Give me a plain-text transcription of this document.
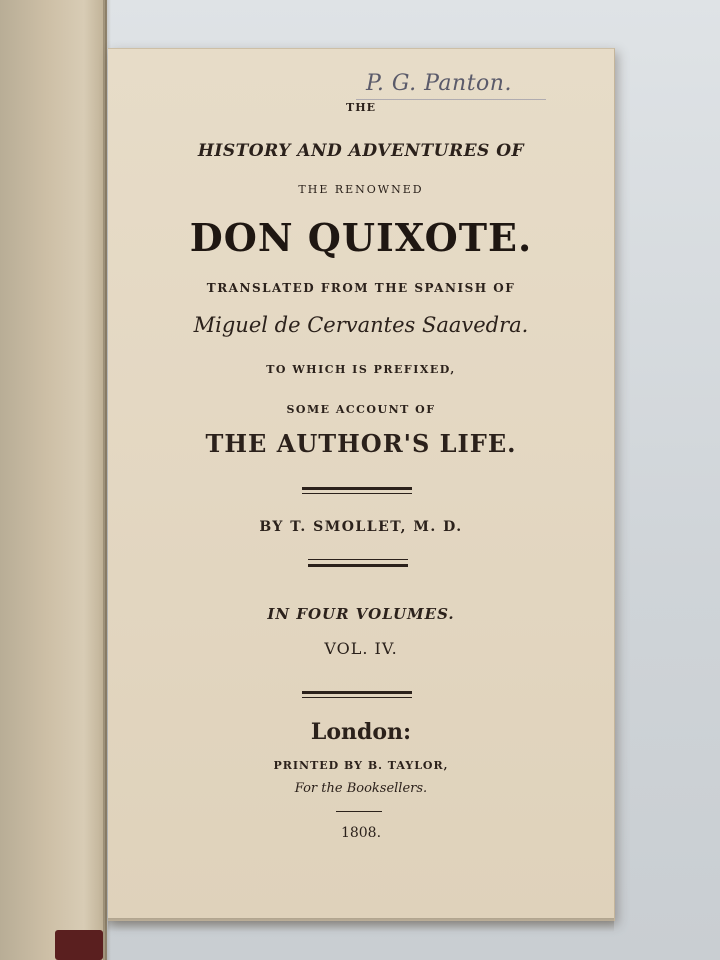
P. G. Panton.
THE
HISTORY AND ADVENTURES OF
THE RENOWNED
DON QUIXOTE.
TRANSLATED FROM THE SPANISH OF
Miguel de Cervantes Saavedra.
TO WHICH IS PREFIXED,
SOME ACCOUNT OF
THE AUTHOR'S LIFE.
BY T. SMOLLET, M. D.
IN FOUR VOLUMES.
VOL. IV.
London:
PRINTED BY B. TAYLOR,
For the Booksellers.
1808.
